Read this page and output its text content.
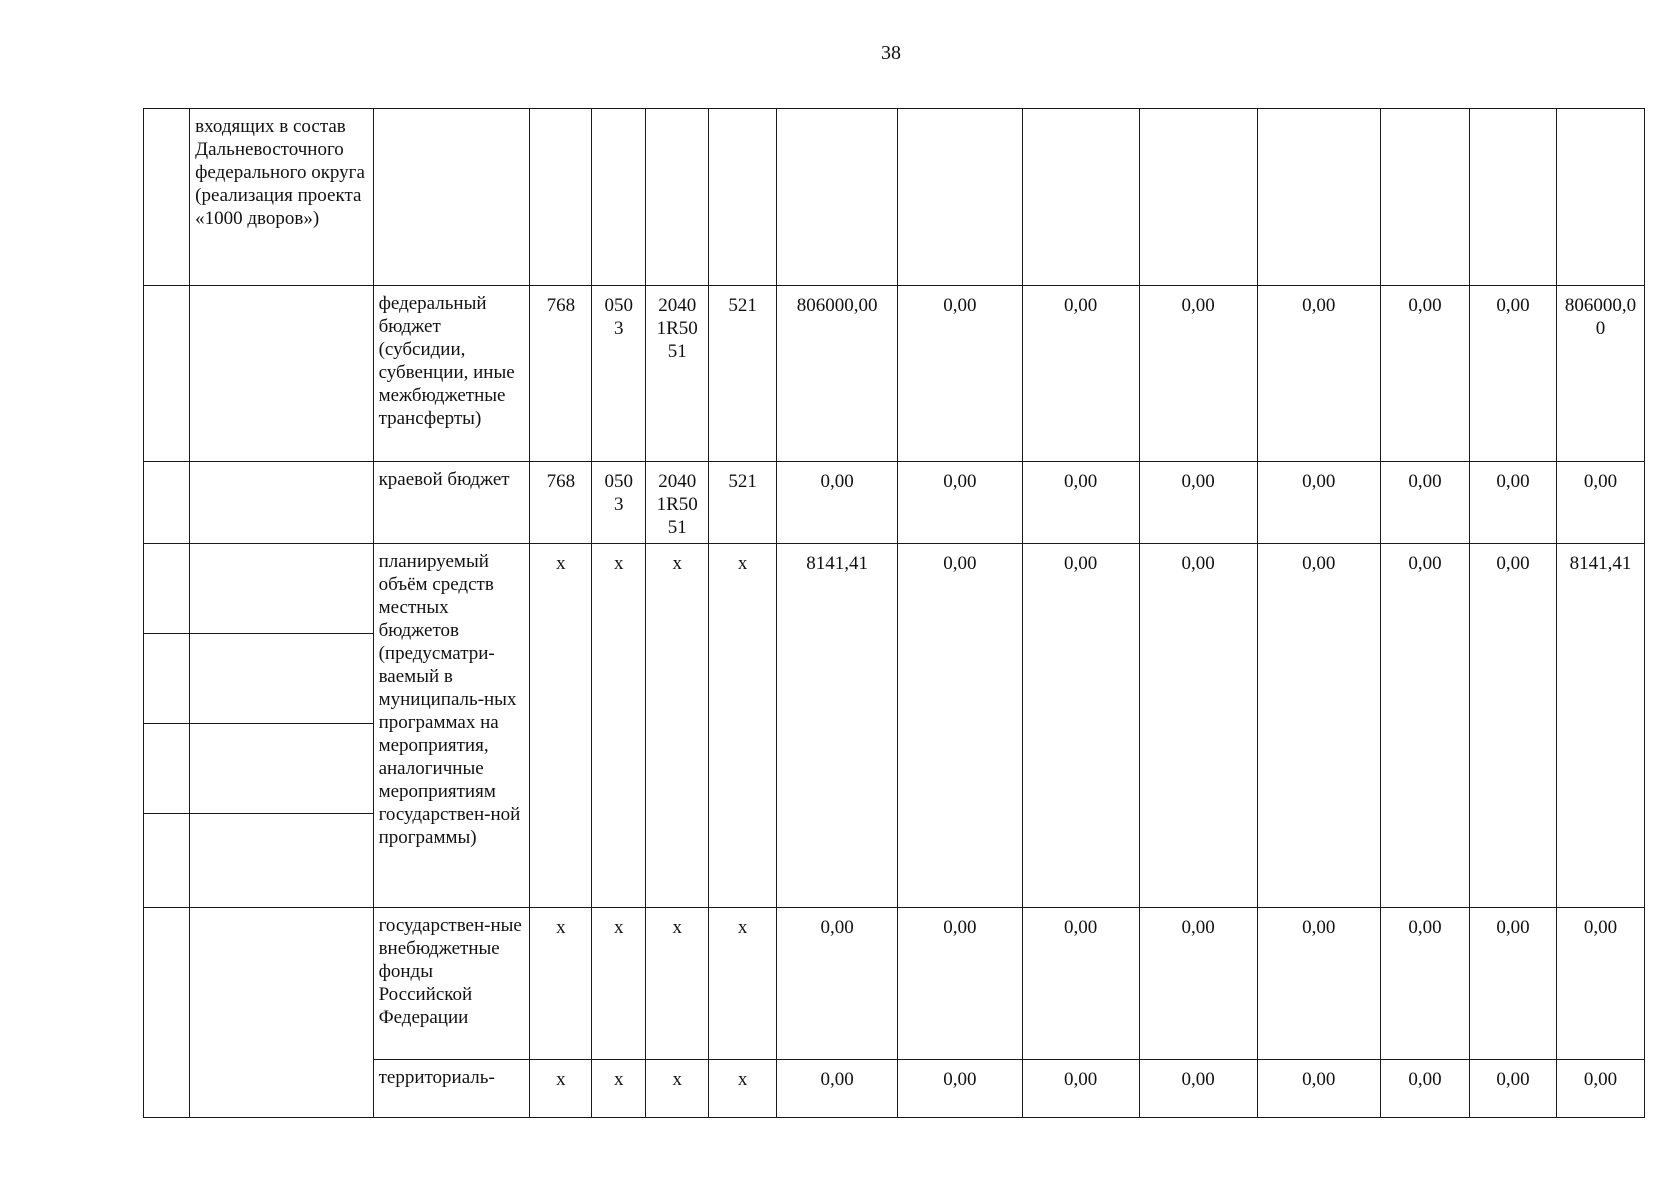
38
	входящих в состав Дальневосточного федерального округа (реализация проекта «1000 дворов»)													
		федеральный бюджет (субсидии, субвенции, иные межбюджетные трансферты)	768	050 3	2040 1R50 51	521	806000,00	0,00	0,00	0,00	0,00	0,00	0,00	806000,00
		краевой бюджет	768	050 3	2040 1R50 51	521	0,00	0,00	0,00	0,00	0,00	0,00	0,00	0,00
		планируемый объём средств местных бюджетов (предусматри-ваемый в муниципаль-ных программах на мероприятия, аналогичные мероприятиям государствен-ной программы)	х	х	х	х	8141,41	0,00	0,00	0,00	0,00	0,00	0,00	8141,41

		государствен-ные внебюджетные фонды Российской Федерации	х	х	х	х	0,00	0,00	0,00	0,00	0,00	0,00	0,00	0,00
		территориаль-	х	х	х	х	0,00	0,00	0,00	0,00	0,00	0,00	0,00	0,00
